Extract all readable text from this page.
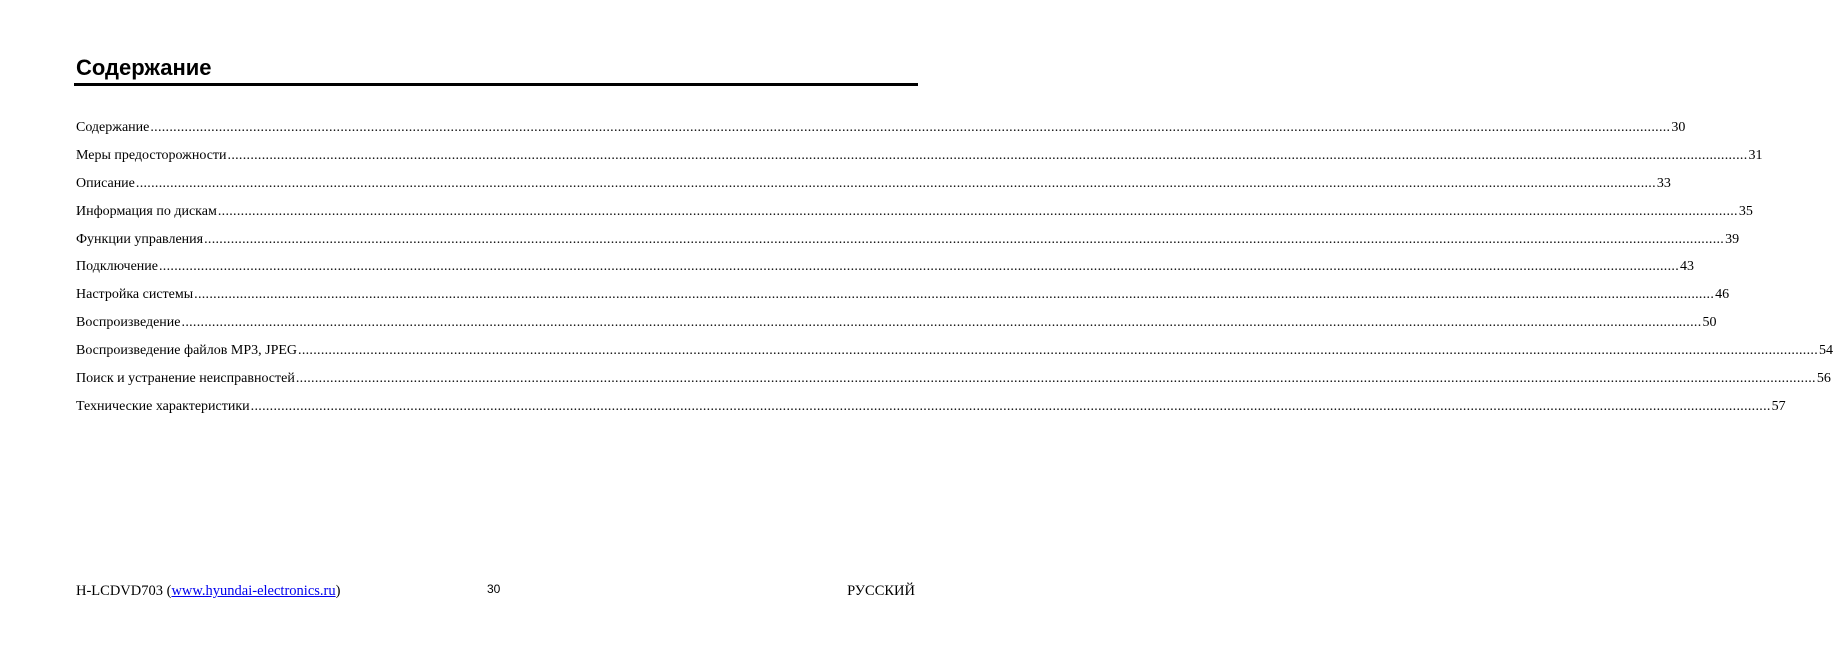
Содержание
Содержание ................................................................................................................................................................................................................................................................................................................................................................................................................ 30
Меры предосторожности ................................................................................................................................................................................................................................................................................................................................................................................................................ 31
Описание ................................................................................................................................................................................................................................................................................................................................................................................................................ 33
Информация по дискам ................................................................................................................................................................................................................................................................................................................................................................................................................ 35
Функции управления ................................................................................................................................................................................................................................................................................................................................................................................................................ 39
Подключение ................................................................................................................................................................................................................................................................................................................................................................................................................ 43
Настройка системы ................................................................................................................................................................................................................................................................................................................................................................................................................ 46
Воспроизведение ................................................................................................................................................................................................................................................................................................................................................................................................................ 50
Воспроизведение файлов MP3, JPEG ................................................................................................................................................................................................................................................................................................................................................................................................................ 54
Поиск и устранение неисправностей ................................................................................................................................................................................................................................................................................................................................................................................................................ 56
Технические характеристики ................................................................................................................................................................................................................................................................................................................................................................................................................ 57
H-LCDVD703 (www.hyundai-electronics.ru)	30	РУССКИЙ
